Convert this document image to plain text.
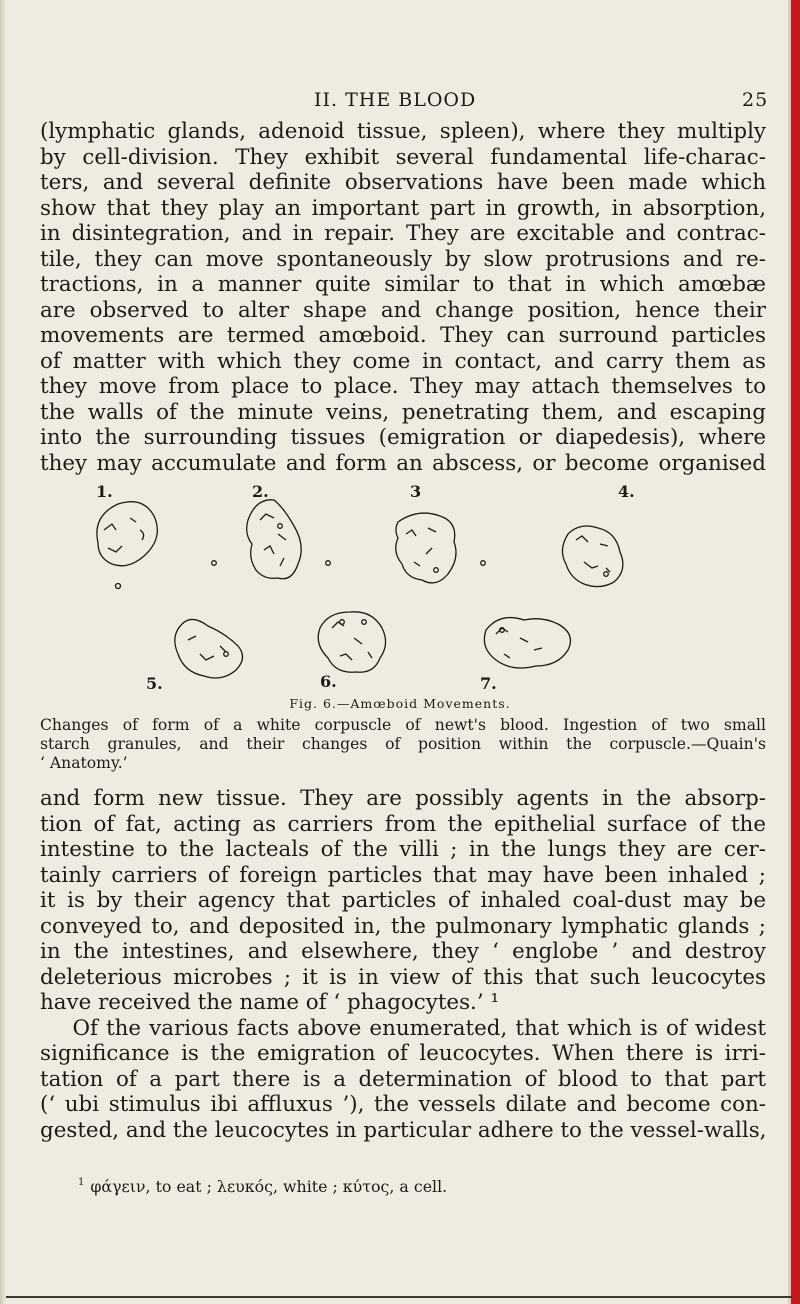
II. THE BLOOD	25
(lymphatic glands, adenoid tissue, spleen), where they multiply
by cell-division. They exhibit several fundamental life-charac-
ters, and several definite observations have been made which
show that they play an important part in growth, in absorption,
in disintegration, and in repair. They are excitable and contrac-
tile, they can move spontaneously by slow protrusions and re-
tractions, in a manner quite similar to that in which amœbæ
are observed to alter shape and change position, hence their
movements are termed amœboid. They can surround particles
of matter with which they come in contact, and carry them as
they move from place to place. They may attach themselves to
the walls of the minute veins, penetrating them, and escaping
into the surrounding tissues (emigration or diapedesis), where
they may accumulate and form an abscess, or become organised
1.	2.	3	4.
5.	6.	7.
Fig. 6.—Amœboid Movements.
Changes of form of a white corpuscle of newt's blood. Ingestion of two small
starch granules, and their changes of position within the corpuscle.—Quain's
‘ Anatomy.’
and form new tissue. They are possibly agents in the absorp-
tion of fat, acting as carriers from the epithelial surface of the
intestine to the lacteals of the villi ; in the lungs they are cer-
tainly carriers of foreign particles that may have been inhaled ;
it is by their agency that particles of inhaled coal-dust may be
conveyed to, and deposited in, the pulmonary lymphatic glands ;
in the intestines, and elsewhere, they ‘ englobe ’ and destroy
deleterious microbes ; it is in view of this that such leucocytes
have received the name of ‘ phagocytes.’ ¹
Of the various facts above enumerated, that which is of widest
significance is the emigration of leucocytes. When there is irri-
tation of a part there is a determination of blood to that part
(‘ ubi stimulus ibi affluxus ’), the vessels dilate and become con-
gested, and the leucocytes in particular adhere to the vessel-walls,
$^1$ φάγειν, to eat ; λευκός, white ; κύτος, a cell.
